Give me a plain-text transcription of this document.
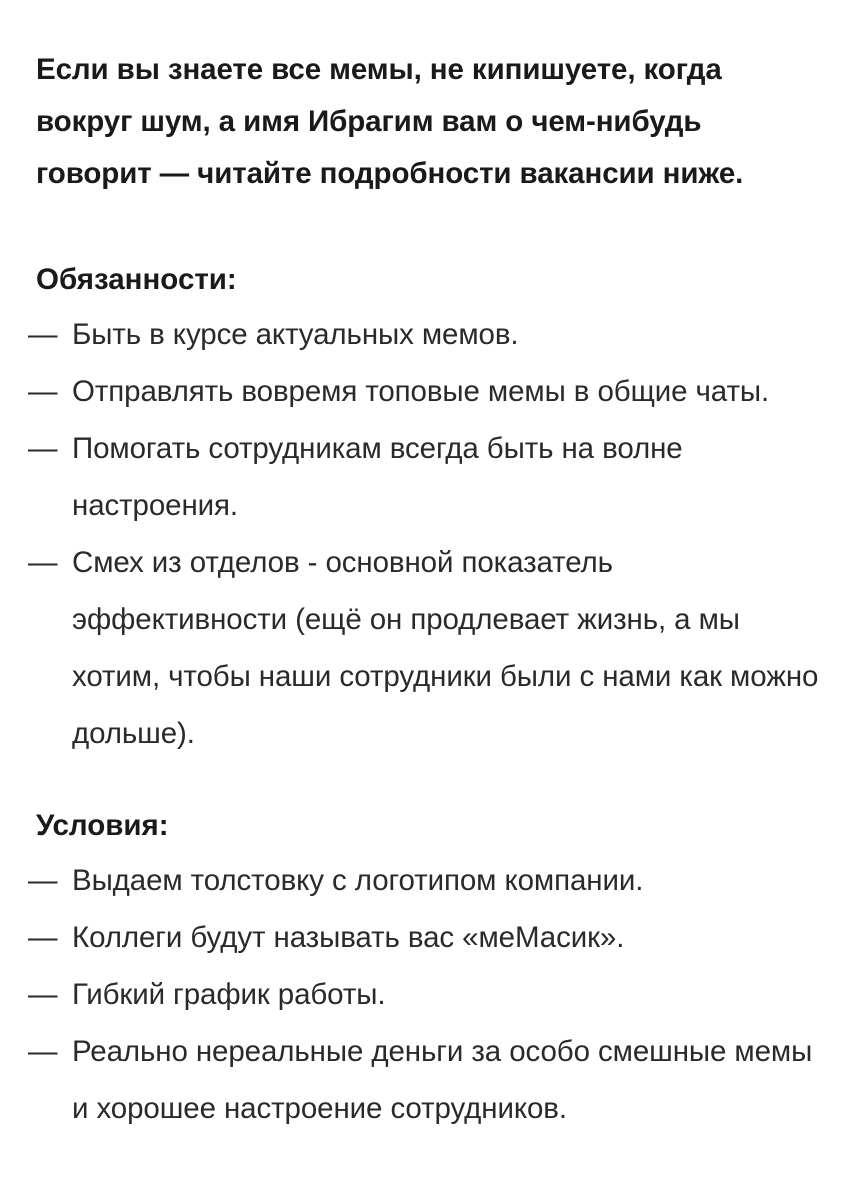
Если вы знаете все мемы, не кипишуете, когда вокруг шум, а имя Ибрагим вам о чем-нибудь говорит — читайте подробности вакансии ниже.

Обязанности:
— Быть в курсе актуальных мемов.
— Отправлять вовремя топовые мемы в общие чаты.
— Помогать сотрудникам всегда быть на волне настроения.
— Смех из отделов - основной показатель эффективности (ещё он продлевает жизнь, а мы хотим, чтобы наши сотрудники были с нами как можно дольше).
Условия:
— Выдаем толстовку с логотипом компании.
— Коллеги будут называть вас «меМасик».
— Гибкий график работы.
— Реально нереальные деньги за особо смешные мемы и хорошее настроение сотрудников.
